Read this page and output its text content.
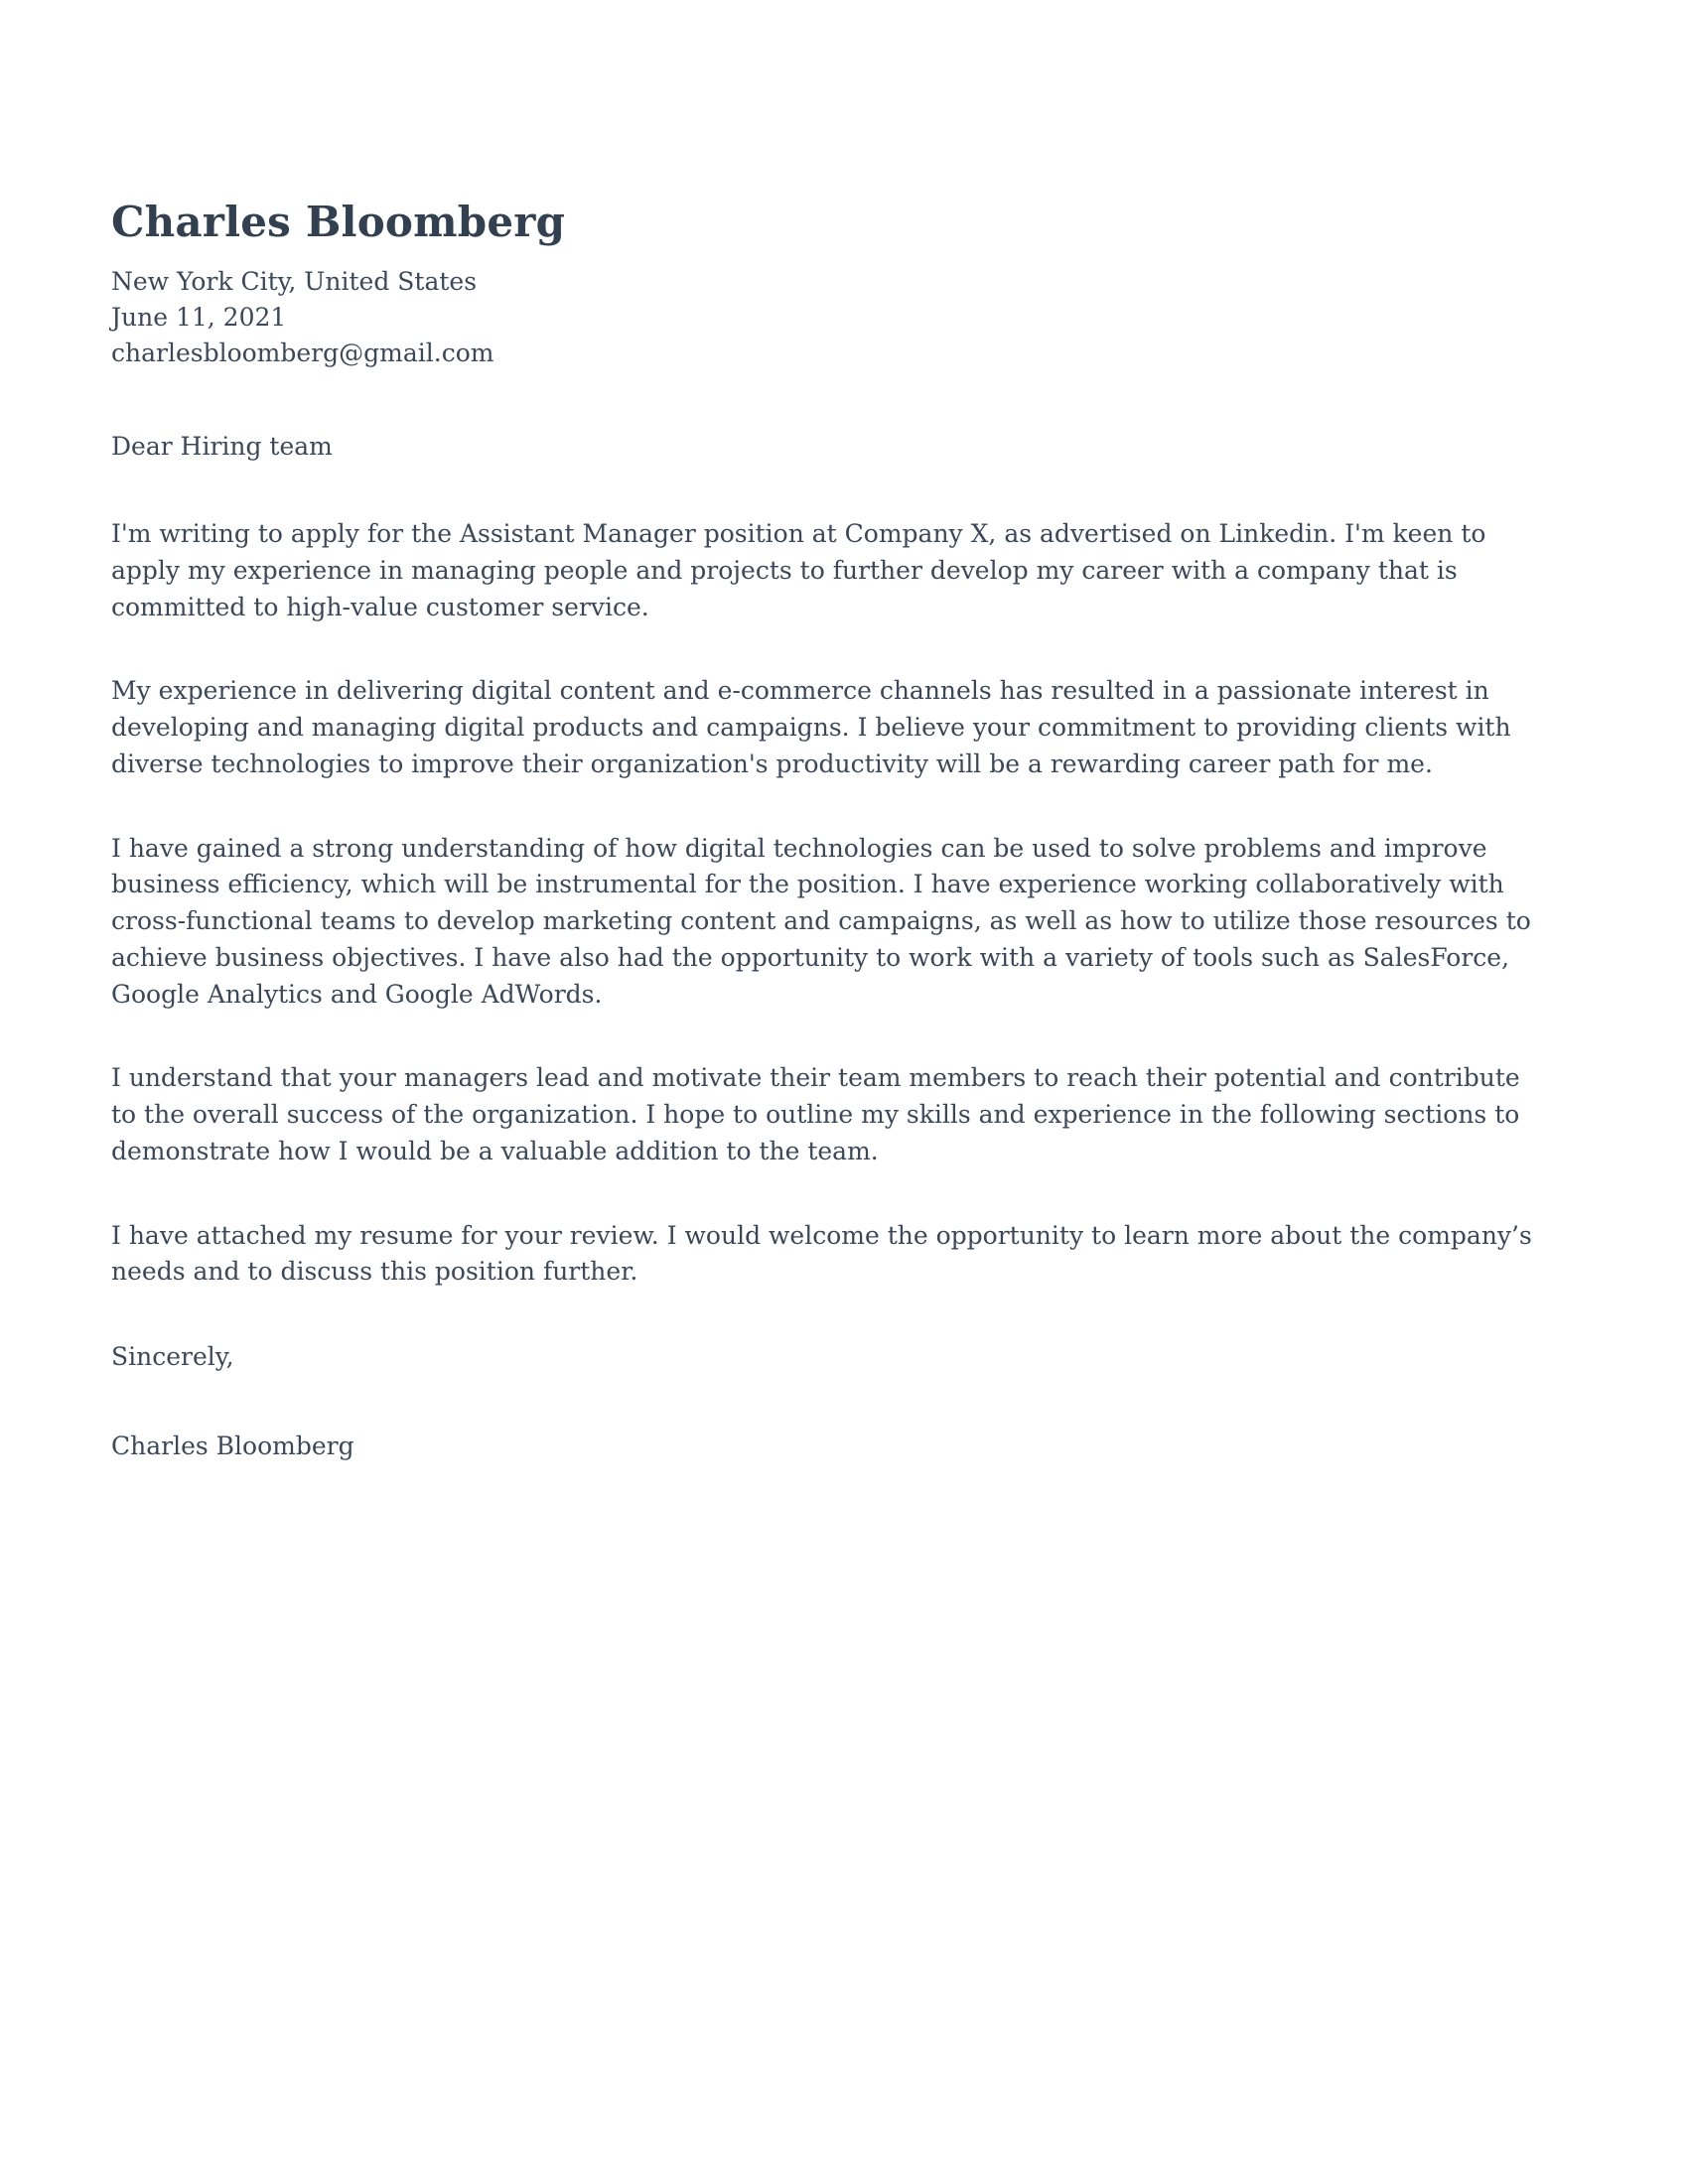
Charles Bloomberg
New York City, United States
June 11, 2021
charlesbloomberg@gmail.com

Dear Hiring team

I'm writing to apply for the Assistant Manager position at Company X, as advertised on Linkedin. I'm keen to apply my experience in managing people and projects to further develop my career with a company that is committed to high-value customer service.

My experience in delivering digital content and e-commerce channels has resulted in a passionate interest in developing and managing digital products and campaigns. I believe your commitment to providing clients with diverse technologies to improve their organization's productivity will be a rewarding career path for me.

I have gained a strong understanding of how digital technologies can be used to solve problems and improve business efficiency, which will be instrumental for the position. I have experience working collaboratively with cross-functional teams to develop marketing content and campaigns, as well as how to utilize those resources to achieve business objectives. I have also had the opportunity to work with a variety of tools such as SalesForce, Google Analytics and Google AdWords.

I understand that your managers lead and motivate their team members to reach their potential and contribute to the overall success of the organization. I hope to outline my skills and experience in the following sections to demonstrate how I would be a valuable addition to the team.

I have attached my resume for your review. I would welcome the opportunity to learn more about the company’s needs and to discuss this position further.

Sincerely,

Charles Bloomberg
